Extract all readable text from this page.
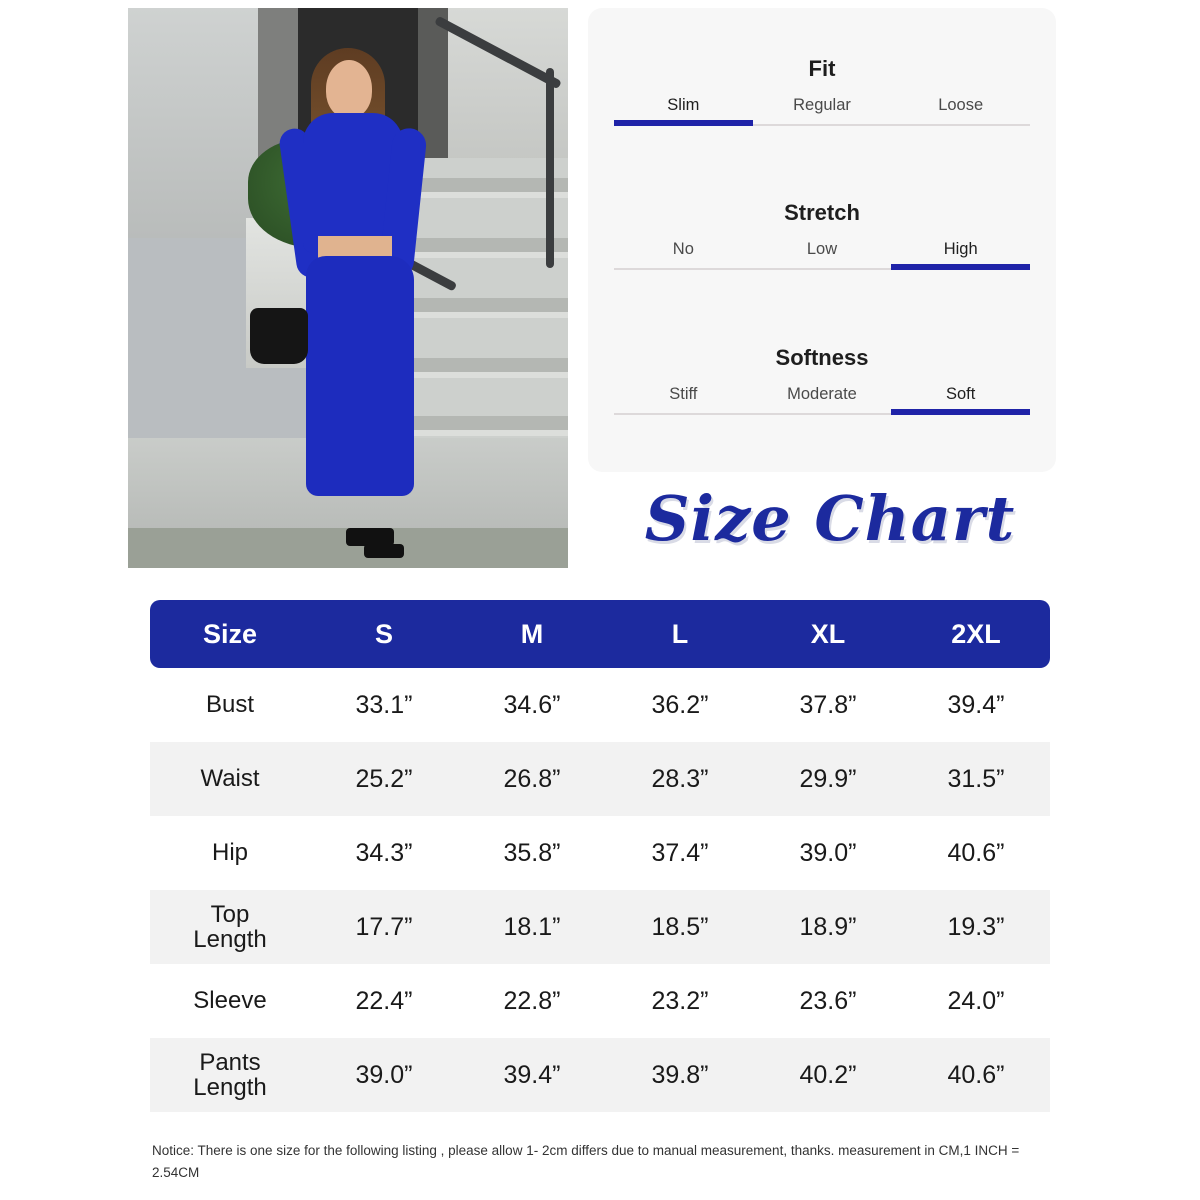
Fit
Slim	Regular	Loose
Stretch
No	Low	High
Softness
Stiff	Moderate	Soft
Size Chart
Size	S	M	L	XL	2XL
Bust	33.1”	34.6”	36.2”	37.8”	39.4”
Waist	25.2”	26.8”	28.3”	29.9”	31.5”
Hip	34.3”	35.8”	37.4”	39.0”	40.6”

Top
Length	17.7”	18.1”	18.5”	18.9”	19.3”
Sleeve	22.4”	22.8”	23.2”	23.6”	24.0”

Pants
Length	39.0”	39.4”	39.8”	40.2”	40.6”
Notice: There is one size for the following listing , please allow 1- 2cm differs due to manual measurement, thanks. measurement in CM,1 INCH = 2.54CM
